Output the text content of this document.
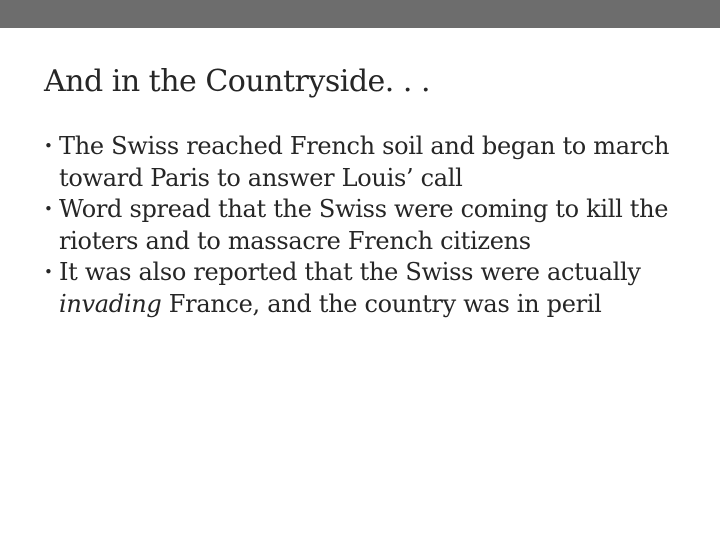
And in the Countryside. . .
• The Swiss reached French soil and began to march toward Paris to answer Louis’ call
• Word spread that the Swiss were coming to kill the rioters and to massacre French citizens
• It was also reported that the Swiss were actually invading France, and the country was in peril
